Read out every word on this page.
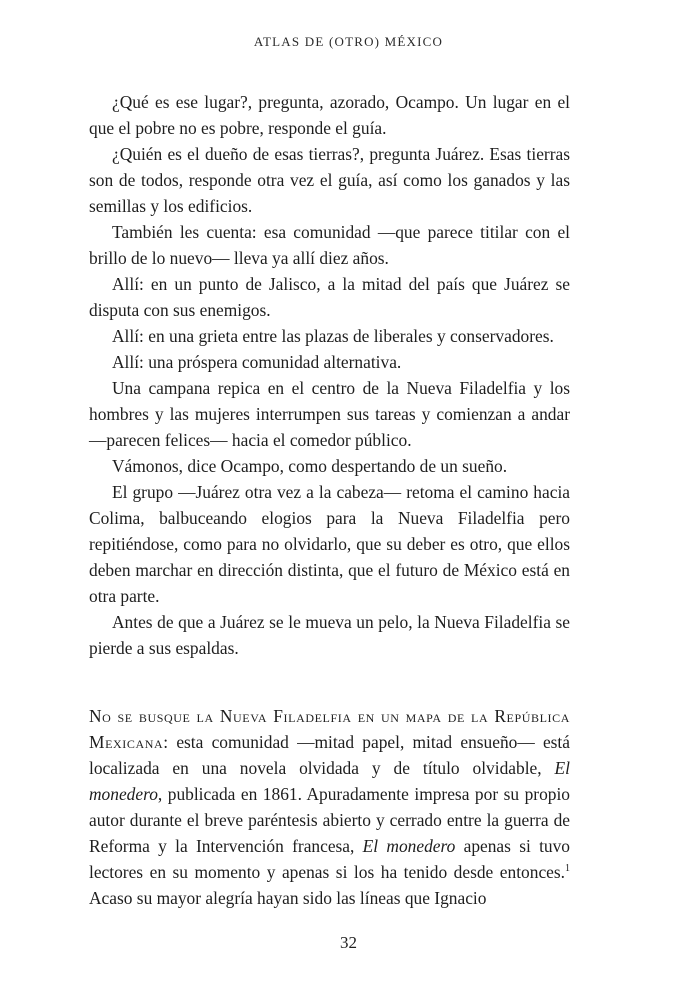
ATLAS DE (OTRO) MÉXICO

¿Qué es ese lugar?, pregunta, azorado, Ocampo. Un lugar en el que el pobre no es pobre, responde el guía.

¿Quién es el dueño de esas tierras?, pregunta Juárez. Esas tierras son de todos, responde otra vez el guía, así como los ganados y las semillas y los edificios.

También les cuenta: esa comunidad —que parece titilar con el brillo de lo nuevo— lleva ya allí diez años.

Allí: en un punto de Jalisco, a la mitad del país que Juárez se disputa con sus enemigos.

Allí: en una grieta entre las plazas de liberales y conservadores.

Allí: una próspera comunidad alternativa.

Una campana repica en el centro de la Nueva Filadelfia y los hombres y las mujeres interrumpen sus tareas y comienzan a andar —parecen felices— hacia el comedor público.

Vámonos, dice Ocampo, como despertando de un sueño.

El grupo —Juárez otra vez a la cabeza— retoma el camino hacia Colima, balbuceando elogios para la Nueva Filadelfia pero repitiéndose, como para no olvidarlo, que su deber es otro, que ellos deben marchar en dirección distinta, que el futuro de México está en otra parte.

Antes de que a Juárez se le mueva un pelo, la Nueva Filadelfia se pierde a sus espaldas.

No se busque la Nueva Filadelfia en un mapa de la República Mexicana: esta comunidad —mitad papel, mitad ensueño— está localizada en una novela olvidada y de título olvidable, El monedero, publicada en 1861. Apuradamente impresa por su propio autor durante el breve paréntesis abierto y cerrado entre la guerra de Reforma y la Intervención francesa, El monedero apenas si tuvo lectores en su momento y apenas si los ha tenido desde entonces.$^1$ Acaso su mayor alegría hayan sido las líneas que Ignacio

32
